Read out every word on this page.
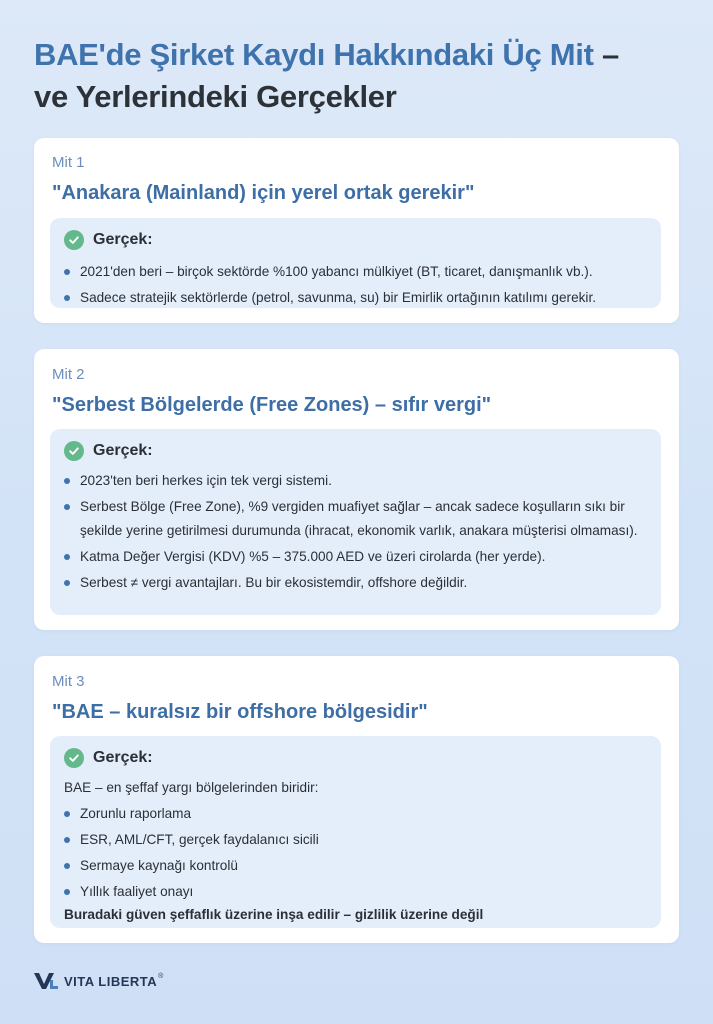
BAE'de Şirket Kaydı Hakkındaki Üç Mit –
ve Yerlerindeki Gerçekler
Mit 1
"Anakara (Mainland) için yerel ortak gerekir"
Gerçek:
2021'den beri – birçok sektörde %100 yabancı mülkiyet (BT, ticaret, danışmanlık vb.).
Sadece stratejik sektörlerde (petrol, savunma, su) bir Emirlik ortağının katılımı gerekir.
Mit 2
"Serbest Bölgelerde (Free Zones) – sıfır vergi"
Gerçek:
2023'ten beri herkes için tek vergi sistemi.
Serbest Bölge (Free Zone), %9 vergiden muafiyet sağlar – ancak sadece koşulların sıkı bir şekilde yerine getirilmesi durumunda (ihracat, ekonomik varlık, anakara müşterisi olmaması).
Katma Değer Vergisi (KDV) %5 – 375.000 AED ve üzeri cirolarda (her yerde).
Serbest ≠ vergi avantajları. Bu bir ekosistemdir, offshore değildir.
Mit 3
"BAE – kuralsız bir offshore bölgesidir"
Gerçek:
BAE – en şeffaf yargı bölgelerinden biridir:
Zorunlu raporlama
ESR, AML/CFT, gerçek faydalanıcı sicili
Sermaye kaynağı kontrolü
Yıllık faaliyet onayı
Buradaki güven şeffaflık üzerine inşa edilir – gizlilik üzerine değil
VITA LIBERTA ®
